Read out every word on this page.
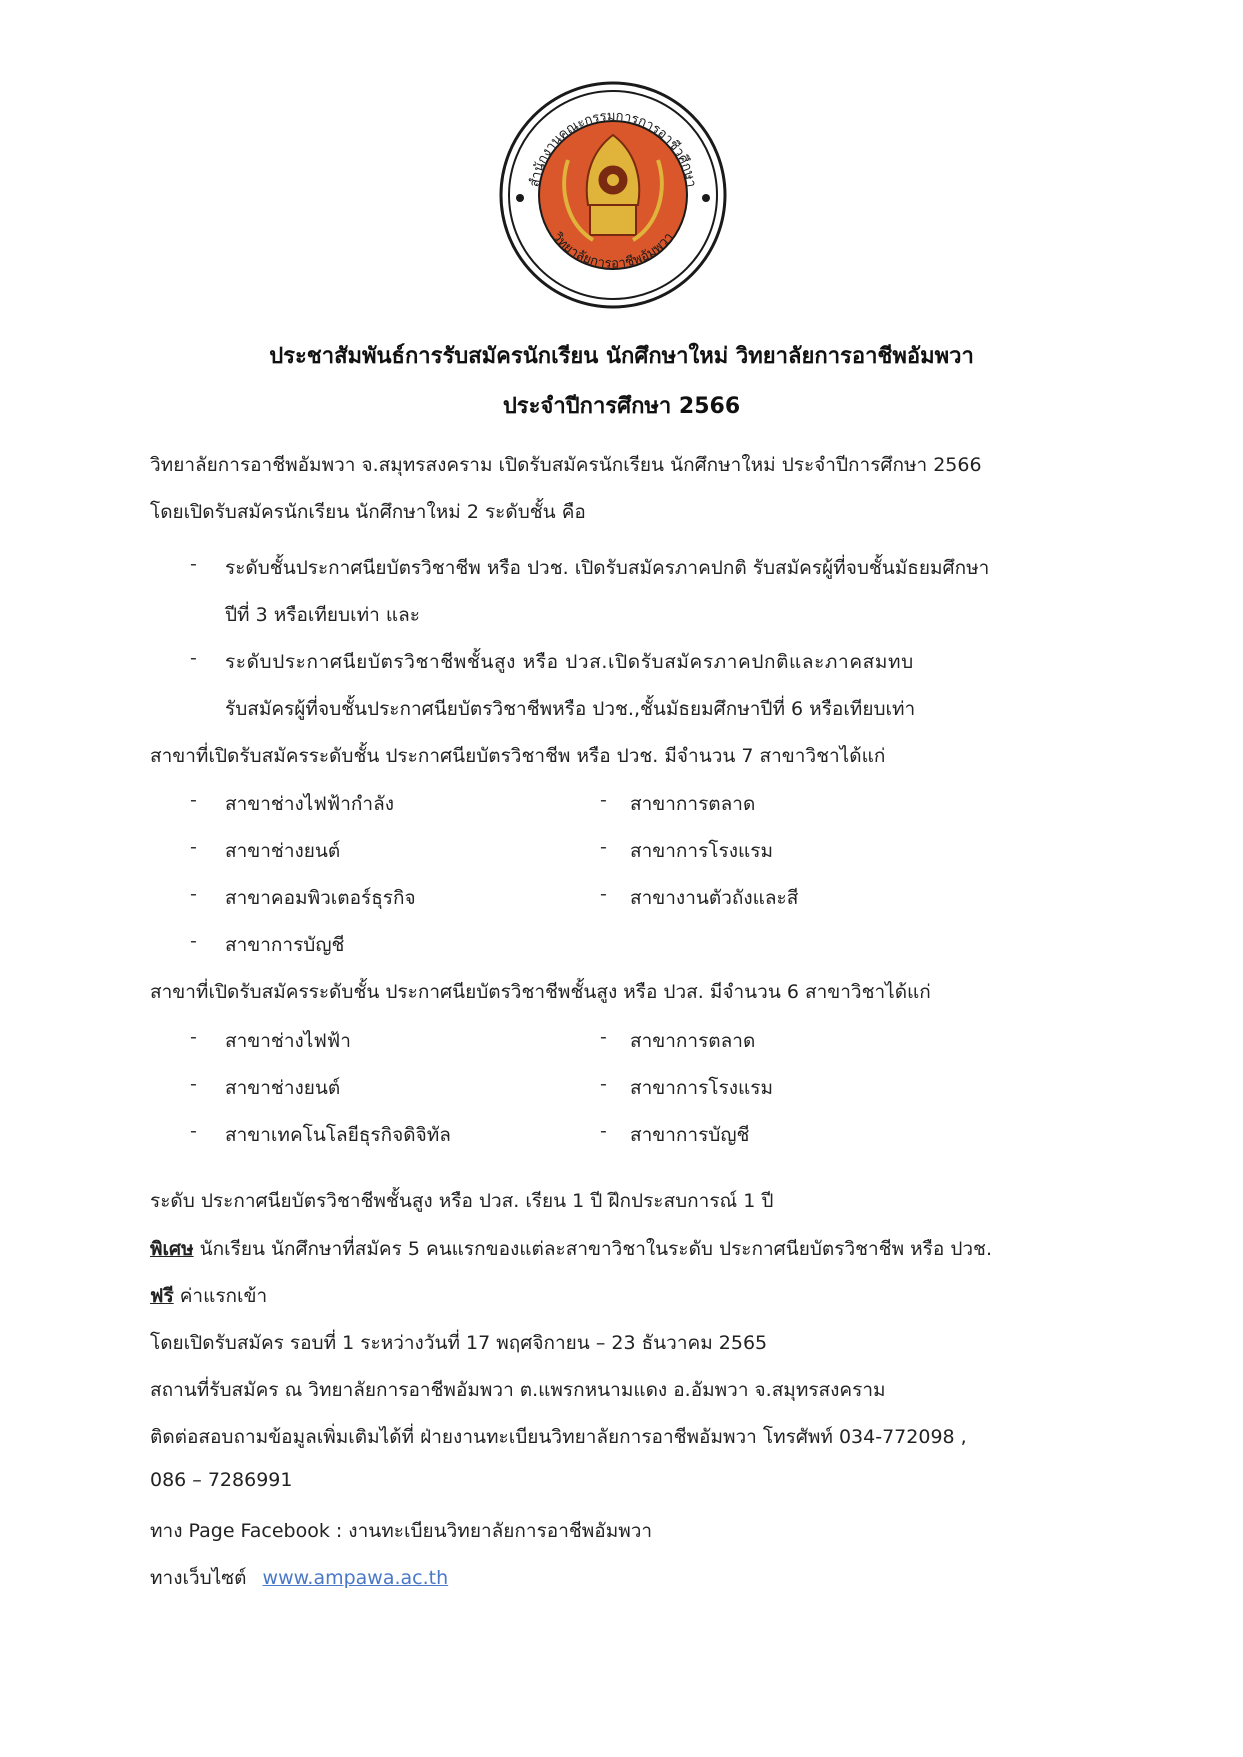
สำนักงานคณะกรรมการการอาชีวศึกษา
วิทยาลัยการอาชีพอัมพวา
ประชาสัมพันธ์การรับสมัครนักเรียน นักศึกษาใหม่ วิทยาลัยการอาชีพอัมพวา
ประจำปีการศึกษา 2566
วิทยาลัยการอาชีพอัมพวา จ.สมุทรสงคราม เปิดรับสมัครนักเรียน นักศึกษาใหม่ ประจำปีการศึกษา 2566
โดยเปิดรับสมัครนักเรียน นักศึกษาใหม่ 2 ระดับชั้น คือ
- ระดับชั้นประกาศนียบัตรวิชาชีพ หรือ ปวช. เปิดรับสมัครภาคปกติ รับสมัครผู้ที่จบชั้นมัธยมศึกษา
ปีที่ 3 หรือเทียบเท่า และ
- ระดับประกาศนียบัตรวิชาชีพชั้นสูง หรือ ปวส.เปิดรับสมัครภาคปกติและภาคสมทบ
รับสมัครผู้ที่จบชั้นประกาศนียบัตรวิชาชีพหรือ ปวช.,ชั้นมัธยมศึกษาปีที่ 6 หรือเทียบเท่า
สาขาที่เปิดรับสมัครระดับชั้น ประกาศนียบัตรวิชาชีพ หรือ ปวช. มีจำนวน 7 สาขาวิชาได้แก่
- สาขาช่างไฟฟ้ากำลัง	- สาขาการตลาด
- สาขาช่างยนต์	- สาขาการโรงแรม
- สาขาคอมพิวเตอร์ธุรกิจ	- สาขางานตัวถังและสี
- สาขาการบัญชี
สาขาที่เปิดรับสมัครระดับชั้น ประกาศนียบัตรวิชาชีพชั้นสูง หรือ ปวส. มีจำนวน 6 สาขาวิชาได้แก่
- สาขาช่างไฟฟ้า	- สาขาการตลาด
- สาขาช่างยนต์	- สาขาการโรงแรม
- สาขาเทคโนโลยีธุรกิจดิจิทัล	- สาขาการบัญชี
ระดับ ประกาศนียบัตรวิชาชีพชั้นสูง หรือ ปวส. เรียน 1 ปี ฝึกประสบการณ์ 1 ปี
พิเศษ นักเรียน นักศึกษาที่สมัคร 5 คนแรกของแต่ละสาขาวิชาในระดับ ประกาศนียบัตรวิชาชีพ หรือ ปวช.
ฟรี ค่าแรกเข้า
โดยเปิดรับสมัคร รอบที่ 1 ระหว่างวันที่ 17 พฤศจิกายน – 23 ธันวาคม 2565
สถานที่รับสมัคร ณ วิทยาลัยการอาชีพอัมพวา ต.แพรกหนามแดง อ.อัมพวา จ.สมุทรสงคราม
ติดต่อสอบถามข้อมูลเพิ่มเติมได้ที่ ฝ่ายงานทะเบียนวิทยาลัยการอาชีพอัมพวา โทรศัพท์ 034-772098 ,
086 – 7286991
ทาง Page Facebook : งานทะเบียนวิทยาลัยการอาชีพอัมพวา
ทางเว็บไซต์ www.ampawa.ac.th
